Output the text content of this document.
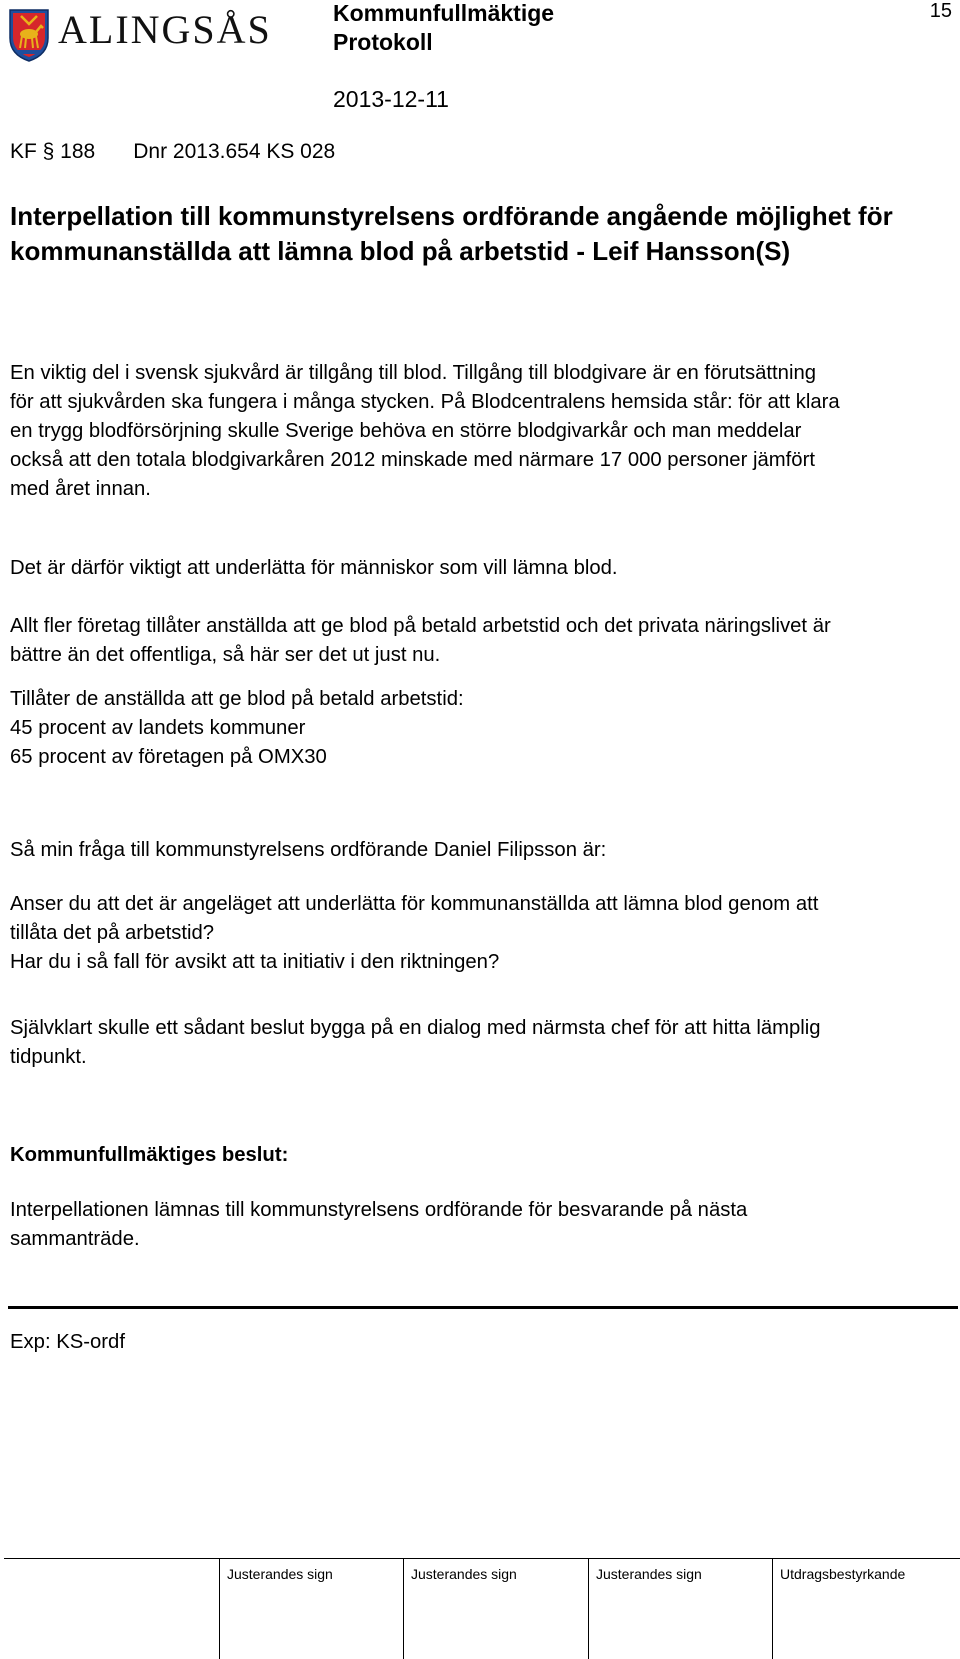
ALINGSÅS	Kommunfullmäktige
Protokoll
2013-12-11
15
KF § 188 Dnr 2013.654 KS 028
Interpellation till kommunstyrelsens ordförande angående möjlighet för kommunanställda att lämna blod på arbetstid - Leif Hansson(S)
En viktig del i svensk sjukvård är tillgång till blod. Tillgång till blodgivare är en förutsättning
för att sjukvården ska fungera i många stycken. På Blodcentralens hemsida står: för att klara
en trygg blodförsörjning skulle Sverige behöva en större blodgivarkår och man meddelar
också att den totala blodgivarkåren 2012 minskade med närmare 17 000 personer jämfört
med året innan.
Det är därför viktigt att underlätta för människor som vill lämna blod.
Allt fler företag tillåter anställda att ge blod på betald arbetstid och det privata näringslivet är
bättre än det offentliga, så här ser det ut just nu.
Tillåter de anställda att ge blod på betald arbetstid:
45 procent av landets kommuner
65 procent av företagen på OMX30
Så min fråga till kommunstyrelsens ordförande Daniel Filipsson är:
Anser du att det är angeläget att underlätta för kommunanställda att lämna blod genom att
tillåta det på arbetstid?
Har du i så fall för avsikt att ta initiativ i den riktningen?
Självklart skulle ett sådant beslut bygga på en dialog med närmsta chef för att hitta lämplig
tidpunkt.
Kommunfullmäktiges beslut:
Interpellationen lämnas till kommunstyrelsens ordförande för besvarande på nästa
sammanträde.
Exp: KS-ordf
Justerandes sign	Justerandes sign	Justerandes sign	Utdragsbestyrkande
